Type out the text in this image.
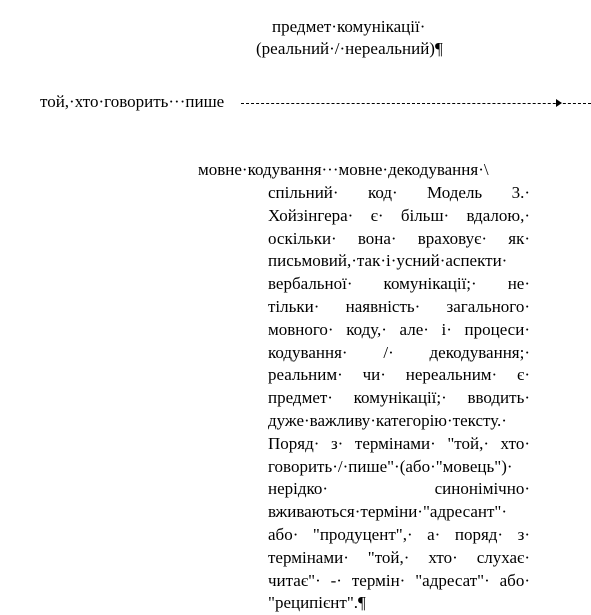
предмет·комунікації·
(реальний·/·нереальний)¶
той,·хто·говорить···пише
мовне·кодування···мовне·декодування·\
спільний· код· Модель 3.·
Хойзінгера· є· більш· вдалою,·
оскільки· вона· враховує· як·
письмовий,·так·і·усний·аспекти·
вербальної· комунікації;· не·
тільки· наявність· загального·
мовного· коду,· але· і· процеси·
кодування· /· декодування;·
реальним· чи· нереальним· є·
предмет· комунікації;· вводить·
дуже·важливу·категорію·тексту.·
Поряд· з· термінами· "той,· хто·
говорить·/·пише"·(або·"мовець")·
нерідко· синонімічно·
вживаються·терміни·"адресант"·
або· "продуцент",· а· поряд· з·
термінами· "той,· хто· слухає·
читає"· -· термін· "адресат"· або·
"реципієнт".¶
